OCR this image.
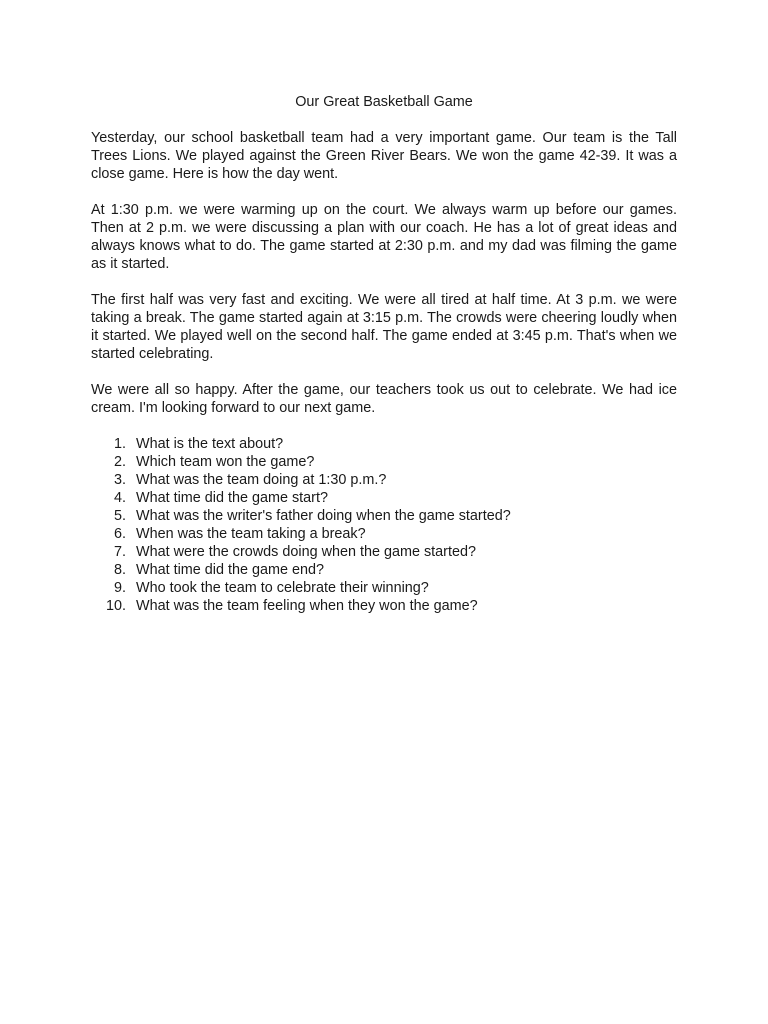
Our Great Basketball Game

Yesterday, our school basketball team had a very important game. Our team is the Tall Trees Lions. We played against the Green River Bears. We won the game 42-39. It was a close game. Here is how the day went.

At 1:30 p.m. we were warming up on the court. We always warm up before our games. Then at 2 p.m. we were discussing a plan with our coach. He has a lot of great ideas and always knows what to do. The game started at 2:30 p.m. and my dad was filming the game as it started.

The first half was very fast and exciting. We were all tired at half time. At 3 p.m. we were taking a break. The game started again at 3:15 p.m. The crowds were cheering loudly when it started. We played well on the second half. The game ended at 3:45 p.m. That's when we started celebrating.

We were all so happy. After the game, our teachers took us out to celebrate. We had ice cream. I'm looking forward to our next game.

1. What is the text about?
2. Which team won the game?
3. What was the team doing at 1:30 p.m.?
4. What time did the game start?
5. What was the writer's father doing when the game started?
6. When was the team taking a break?
7. What were the crowds doing when the game started?
8. What time did the game end?
9. Who took the team to celebrate their winning?
10. What was the team feeling when they won the game?
